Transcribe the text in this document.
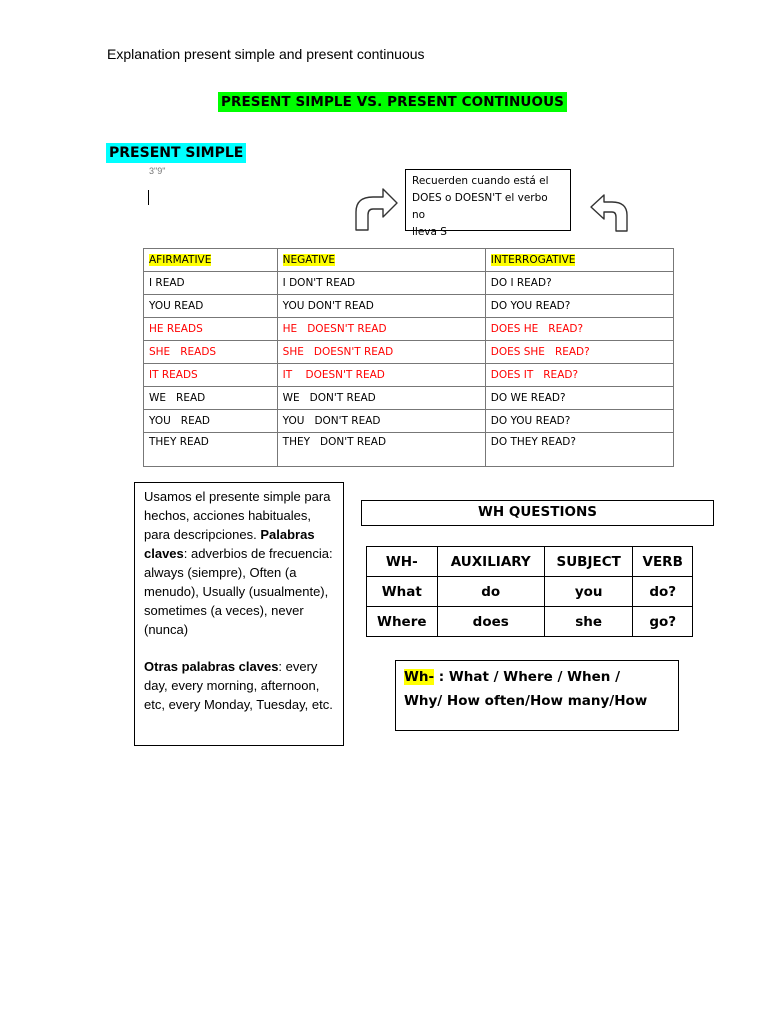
Explanation present simple and present continuous
PRESENT SIMPLE VS. PRESENT CONTINUOUS
PRESENT SIMPLE
3"9"
Recuerden cuando está el
DOES o DOESN'T el verbo no
lleva S
AFIRMATIVE	NEGATIVE	INTERROGATIVE
I READ	I DON'T READ	DO I READ?
YOU READ	YOU DON'T READ	DO YOU READ?
HE READS	HE   DOESN'T READ	DOES HE   READ?
SHE   READS	SHE   DOESN'T READ	DOES SHE   READ?
IT READS	IT    DOESN'T READ	DOES IT   READ?
WE   READ	WE   DON'T READ	DO WE READ?
YOU   READ	YOU   DON'T READ	DO YOU READ?
THEY READ	THEY   DON'T READ	DO THEY READ?

Usamos el presente simple para hechos, acciones habituales, para descripciones. Palabras claves: adverbios de frecuencia: always (siempre), Often (a menudo), Usually (usualmente), sometimes (a veces), never (nunca)

Otras palabras claves: every day, every morning, afternoon, etc, every Monday, Tuesday, etc.

WH QUESTIONS
WH-	AUXILIARY	SUBJECT	VERB
What	do	you	do?
Where	does	she	go?
Wh- : What / Where / When /
Why/ How often/How many/How
